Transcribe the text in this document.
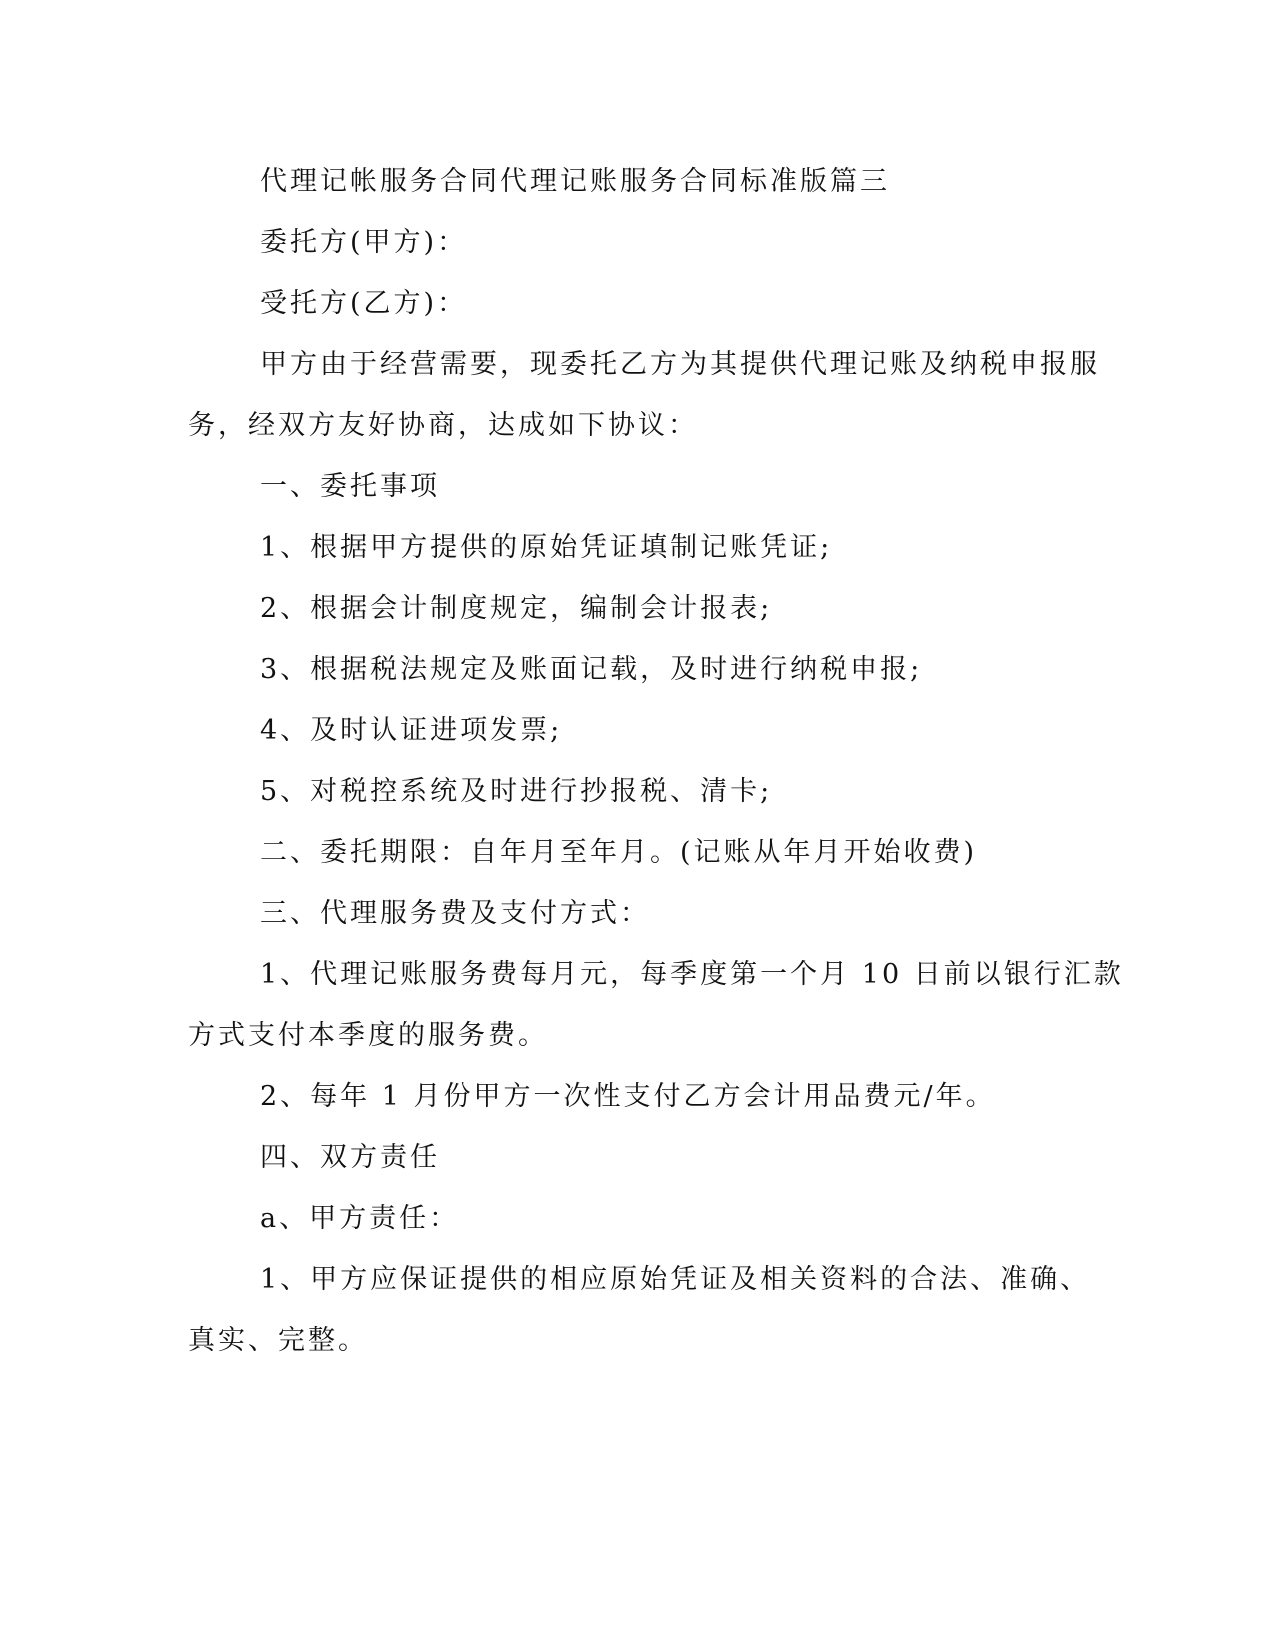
代理记帐服务合同代理记账服务合同标准版篇三
委托方(甲方)：
受托方(乙方)：
甲方由于经营需要，现委托乙方为其提供代理记账及纳税申报服
务，经双方友好协商，达成如下协议：
一、委托事项
1、根据甲方提供的原始凭证填制记账凭证;
2、根据会计制度规定，编制会计报表;
3、根据税法规定及账面记载，及时进行纳税申报;
4、及时认证进项发票;
5、对税控系统及时进行抄报税、清卡;
二、委托期限：自年月至年月。(记账从年月开始收费)
三、代理服务费及支付方式：
1、代理记账服务费每月元，每季度第一个月 10 日前以银行汇款
方式支付本季度的服务费。
2、每年 1 月份甲方一次性支付乙方会计用品费元/年。
四、双方责任
a、甲方责任：
1、甲方应保证提供的相应原始凭证及相关资料的合法、准确、
真实、完整。
